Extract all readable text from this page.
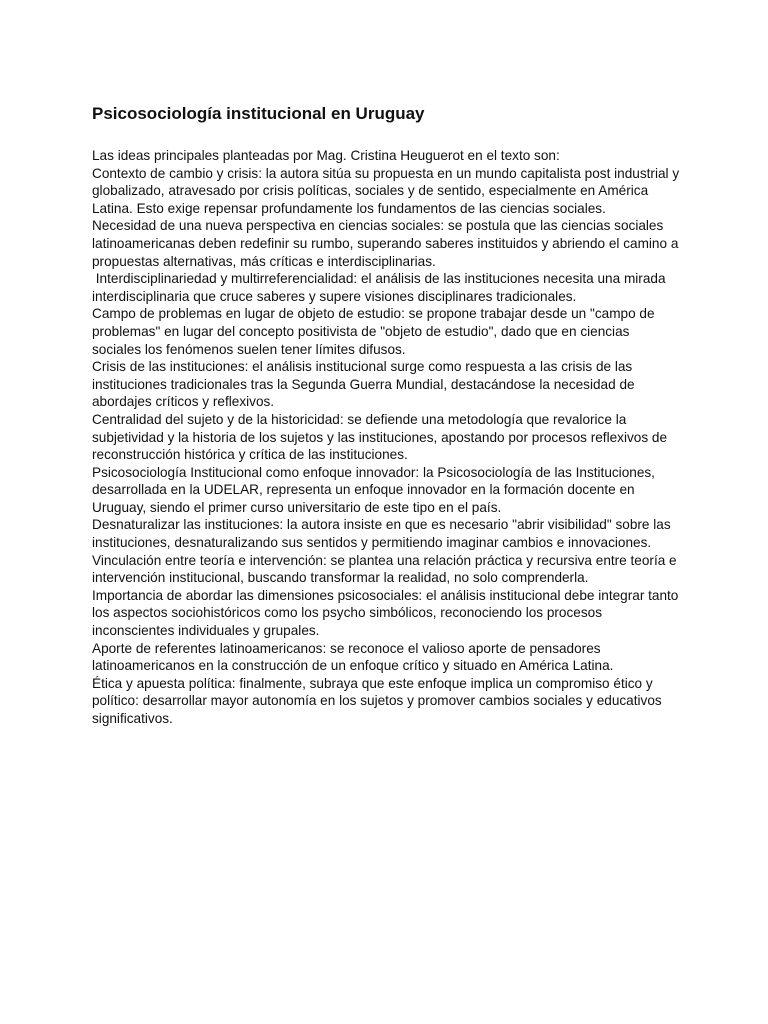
Psicosociología institucional en Uruguay

Las ideas principales planteadas por Mag. Cristina Heuguerot en el texto son:

Contexto de cambio y crisis: la autora sitúa su propuesta en un mundo capitalista post industrial y globalizado, atravesado por crisis políticas, sociales y de sentido, especialmente en América Latina. Esto exige repensar profundamente los fundamentos de las ciencias sociales.

Necesidad de una nueva perspectiva en ciencias sociales: se postula que las ciencias sociales latinoamericanas deben redefinir su rumbo, superando saberes instituidos y abriendo el camino a propuestas alternativas, más críticas e interdisciplinarias.

Interdisciplinariedad y multirreferencialidad: el análisis de las instituciones necesita una mirada interdisciplinaria que cruce saberes y supere visiones disciplinares tradicionales.

Campo de problemas en lugar de objeto de estudio: se propone trabajar desde un "campo de problemas" en lugar del concepto positivista de "objeto de estudio", dado que en ciencias sociales los fenómenos suelen tener límites difusos.

Crisis de las instituciones: el análisis institucional surge como respuesta a las crisis de las instituciones tradicionales tras la Segunda Guerra Mundial, destacándose la necesidad de abordajes críticos y reflexivos.

Centralidad del sujeto y de la historicidad: se defiende una metodología que revalorice la subjetividad y la historia de los sujetos y las instituciones, apostando por procesos reflexivos de reconstrucción histórica y crítica de las instituciones.

Psicosociología Institucional como enfoque innovador: la Psicosociología de las Instituciones, desarrollada en la UDELAR, representa un enfoque innovador en la formación docente en Uruguay, siendo el primer curso universitario de este tipo en el país.

Desnaturalizar las instituciones: la autora insiste en que es necesario "abrir visibilidad" sobre las instituciones, desnaturalizando sus sentidos y permitiendo imaginar cambios e innovaciones.

Vinculación entre teoría e intervención: se plantea una relación práctica y recursiva entre teoría e intervención institucional, buscando transformar la realidad, no solo comprenderla.

Importancia de abordar las dimensiones psicosociales: el análisis institucional debe integrar tanto los aspectos sociohistóricos como los psycho simbólicos, reconociendo los procesos inconscientes individuales y grupales.

Aporte de referentes latinoamericanos: se reconoce el valioso aporte de pensadores latinoamericanos en la construcción de un enfoque crítico y situado en América Latina.

Ética y apuesta política: finalmente, subraya que este enfoque implica un compromiso ético y político: desarrollar mayor autonomía en los sujetos y promover cambios sociales y educativos significativos.
